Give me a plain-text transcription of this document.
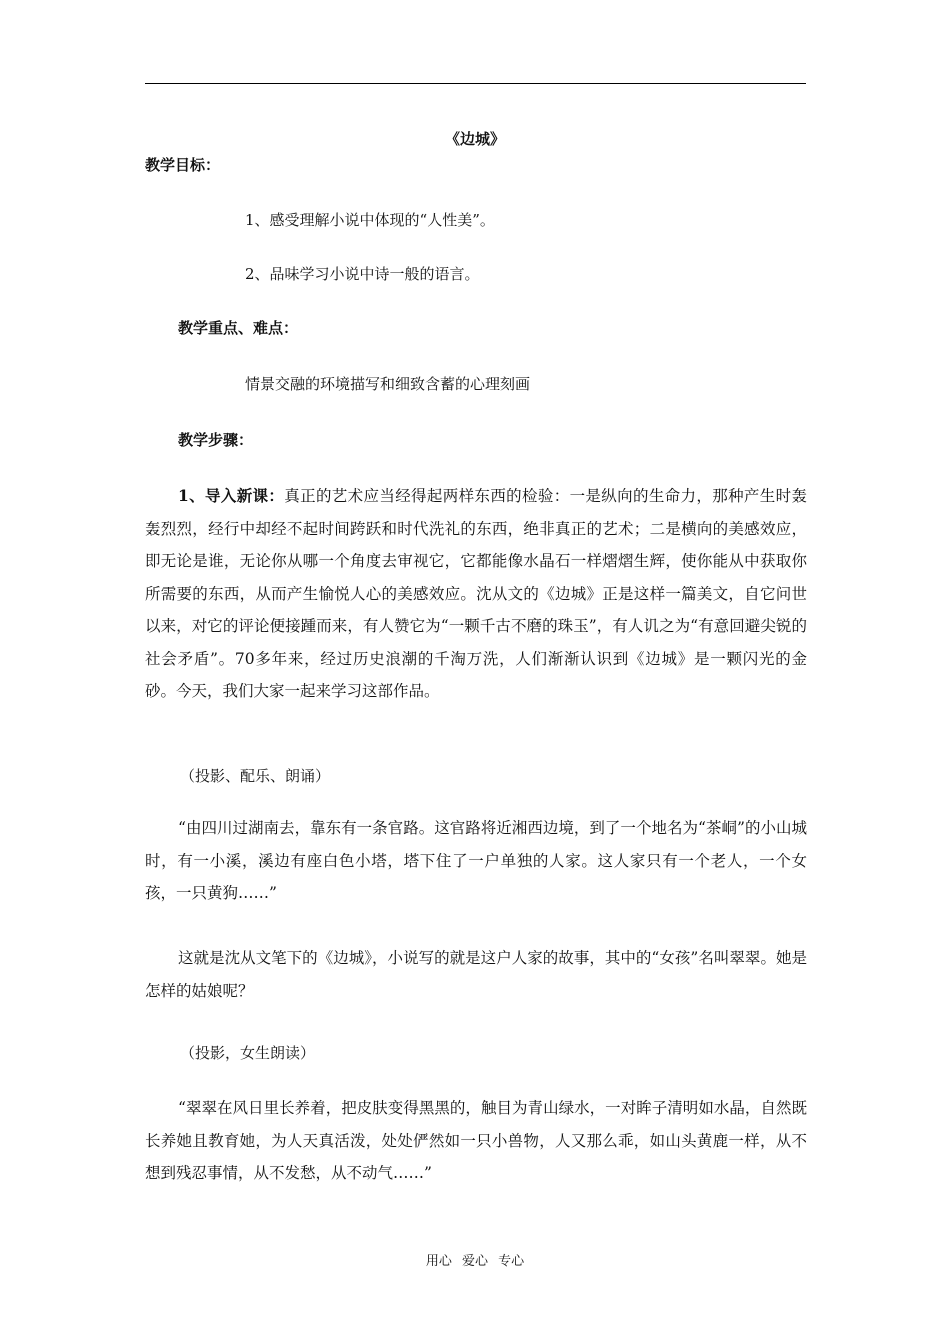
《边城》
教学目标：
1、感受理解小说中体现的“人性美”。
2、品味学习小说中诗一般的语言。
教学重点、难点：
情景交融的环境描写和细致含蓄的心理刻画
教学步骤：
1、导入新课：真正的艺术应当经得起两样东西的检验：一是纵向的生命力，那种产生时轰轰烈烈，经行中却经不起时间跨跃和时代洗礼的东西，绝非真正的艺术；二是横向的美感效应，即无论是谁，无论你从哪一个角度去审视它，它都能像水晶石一样熠熠生辉，使你能从中获取你所需要的东西，从而产生愉悦人心的美感效应。沈从文的《边城》正是这样一篇美文，自它问世以来，对它的评论便接踵而来，有人赞它为“一颗千古不磨的珠玉”，有人讥之为“有意回避尖锐的社会矛盾”。70多年来，经过历史浪潮的千淘万洗，人们渐渐认识到《边城》是一颗闪光的金砂。今天，我们大家一起来学习这部作品。
（投影、配乐、朗诵）
“由四川过湖南去，靠东有一条官路。这官路将近湘西边境，到了一个地名为“茶峒”的小山城时，有一小溪，溪边有座白色小塔，塔下住了一户单独的人家。这人家只有一个老人，一个女孩，一只黄狗……”
这就是沈从文笔下的《边城》，小说写的就是这户人家的故事，其中的“女孩”名叫翠翠。她是怎样的姑娘呢？
（投影，女生朗读）
“翠翠在风日里长养着，把皮肤变得黑黑的，触目为青山绿水，一对眸子清明如水晶，自然既长养她且教育她，为人天真活泼，处处俨然如一只小兽物，人又那么乖，如山头黄鹿一样，从不想到残忍事情，从不发愁，从不动气……”
用心 爱心 专心
